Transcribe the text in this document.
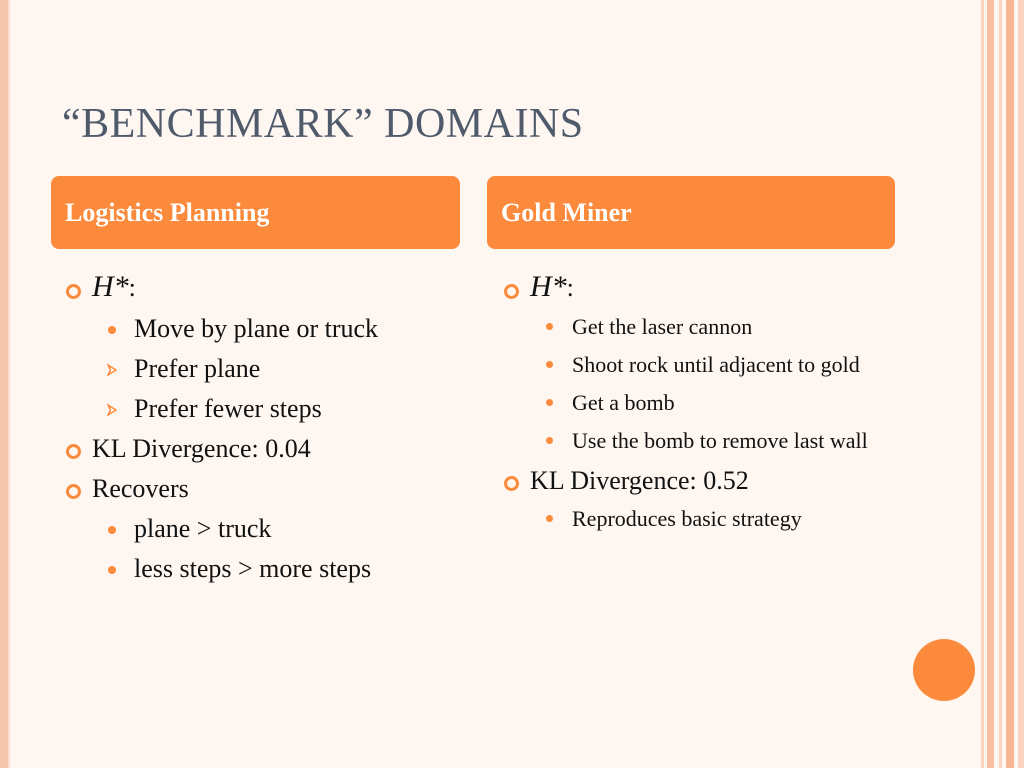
“BENCHMARK” DOMAINS
Logistics Planning	Gold Miner
H*:
Move by plane or truck
Prefer plane
Prefer fewer steps
KL Divergence: 0.04
Recovers
plane > truck
less steps > more steps
H*:
Get the laser cannon
Shoot rock until adjacent to gold
Get a bomb
Use the bomb to remove last wall
KL Divergence: 0.52
Reproduces basic strategy
